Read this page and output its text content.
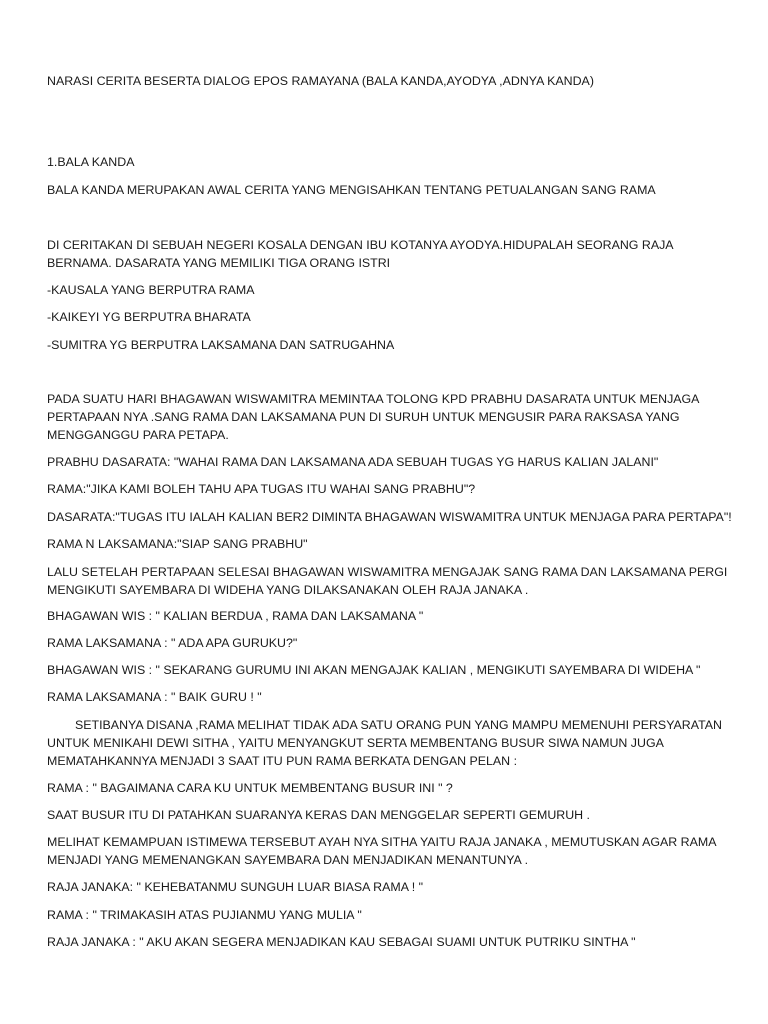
NARASI CERITA BESERTA DIALOG EPOS RAMAYANA (BALA KANDA,AYODYA ,ADNYA KANDA)

1.BALA KANDA

BALA KANDA MERUPAKAN AWAL CERITA YANG MENGISAHKAN TENTANG PETUALANGAN SANG RAMA

DI CERITAKAN DI SEBUAH NEGERI KOSALA DENGAN IBU KOTANYA AYODYA.HIDUPALAH SEORANG RAJA BERNAMA. DASARATA YANG MEMILIKI TIGA ORANG ISTRI

-KAUSALA YANG BERPUTRA RAMA

-KAIKEYI YG BERPUTRA BHARATA

-SUMITRA YG BERPUTRA LAKSAMANA DAN SATRUGAHNA

PADA SUATU HARI BHAGAWAN WISWAMITRA MEMINTAA TOLONG KPD PRABHU DASARATA UNTUK MENJAGA PERTAPAAN NYA .SANG RAMA DAN LAKSAMANA PUN DI SURUH UNTUK MENGUSIR PARA RAKSASA YANG MENGGANGGU PARA PETAPA.

PRABHU DASARATA: "WAHAI RAMA DAN LAKSAMANA ADA SEBUAH TUGAS YG HARUS KALIAN JALANI"

RAMA:"JIKA KAMI BOLEH TAHU APA TUGAS ITU WAHAI SANG PRABHU"?

DASARATA:"TUGAS ITU IALAH KALIAN BER2 DIMINTA BHAGAWAN WISWAMITRA UNTUK MENJAGA PARA PERTAPA"!

RAMA N LAKSAMANA:"SIAP SANG PRABHU"

LALU SETELAH PERTAPAAN SELESAI BHAGAWAN WISWAMITRA MENGAJAK SANG RAMA DAN LAKSAMANA PERGI MENGIKUTI SAYEMBARA DI WIDEHA YANG DILAKSANAKAN OLEH RAJA JANAKA .

BHAGAWAN WIS : " KALIAN BERDUA , RAMA DAN LAKSAMANA "

RAMA LAKSAMANA : " ADA APA GURUKU?"

BHAGAWAN WIS : " SEKARANG GURUMU INI AKAN MENGAJAK KALIAN , MENGIKUTI SAYEMBARA DI WIDEHA "

RAMA LAKSAMANA : " BAIK GURU ! "

SETIBANYA DISANA ,RAMA MELIHAT TIDAK ADA SATU ORANG PUN YANG MAMPU MEMENUHI PERSYARATAN UNTUK MENIKAHI DEWI SITHA , YAITU MENYANGKUT SERTA MEMBENTANG BUSUR SIWA NAMUN JUGA MEMATAHKANNYA MENJADI 3 SAAT ITU PUN RAMA BERKATA DENGAN PELAN :

RAMA : " BAGAIMANA CARA KU UNTUK MEMBENTANG BUSUR INI " ?

SAAT BUSUR ITU DI PATAHKAN SUARANYA KERAS DAN MENGGELAR SEPERTI GEMURUH .

MELIHAT KEMAMPUAN ISTIMEWA TERSEBUT AYAH NYA SITHA YAITU RAJA JANAKA , MEMUTUSKAN AGAR RAMA MENJADI YANG MEMENANGKAN SAYEMBARA DAN MENJADIKAN MENANTUNYA .

RAJA JANAKA: " KEHEBATANMU SUNGUH LUAR BIASA RAMA ! "

RAMA : " TRIMAKASIH ATAS PUJIANMU YANG MULIA "

RAJA JANAKA : " AKU AKAN SEGERA MENJADIKAN KAU SEBAGAI SUAMI UNTUK PUTRIKU SINTHA "
